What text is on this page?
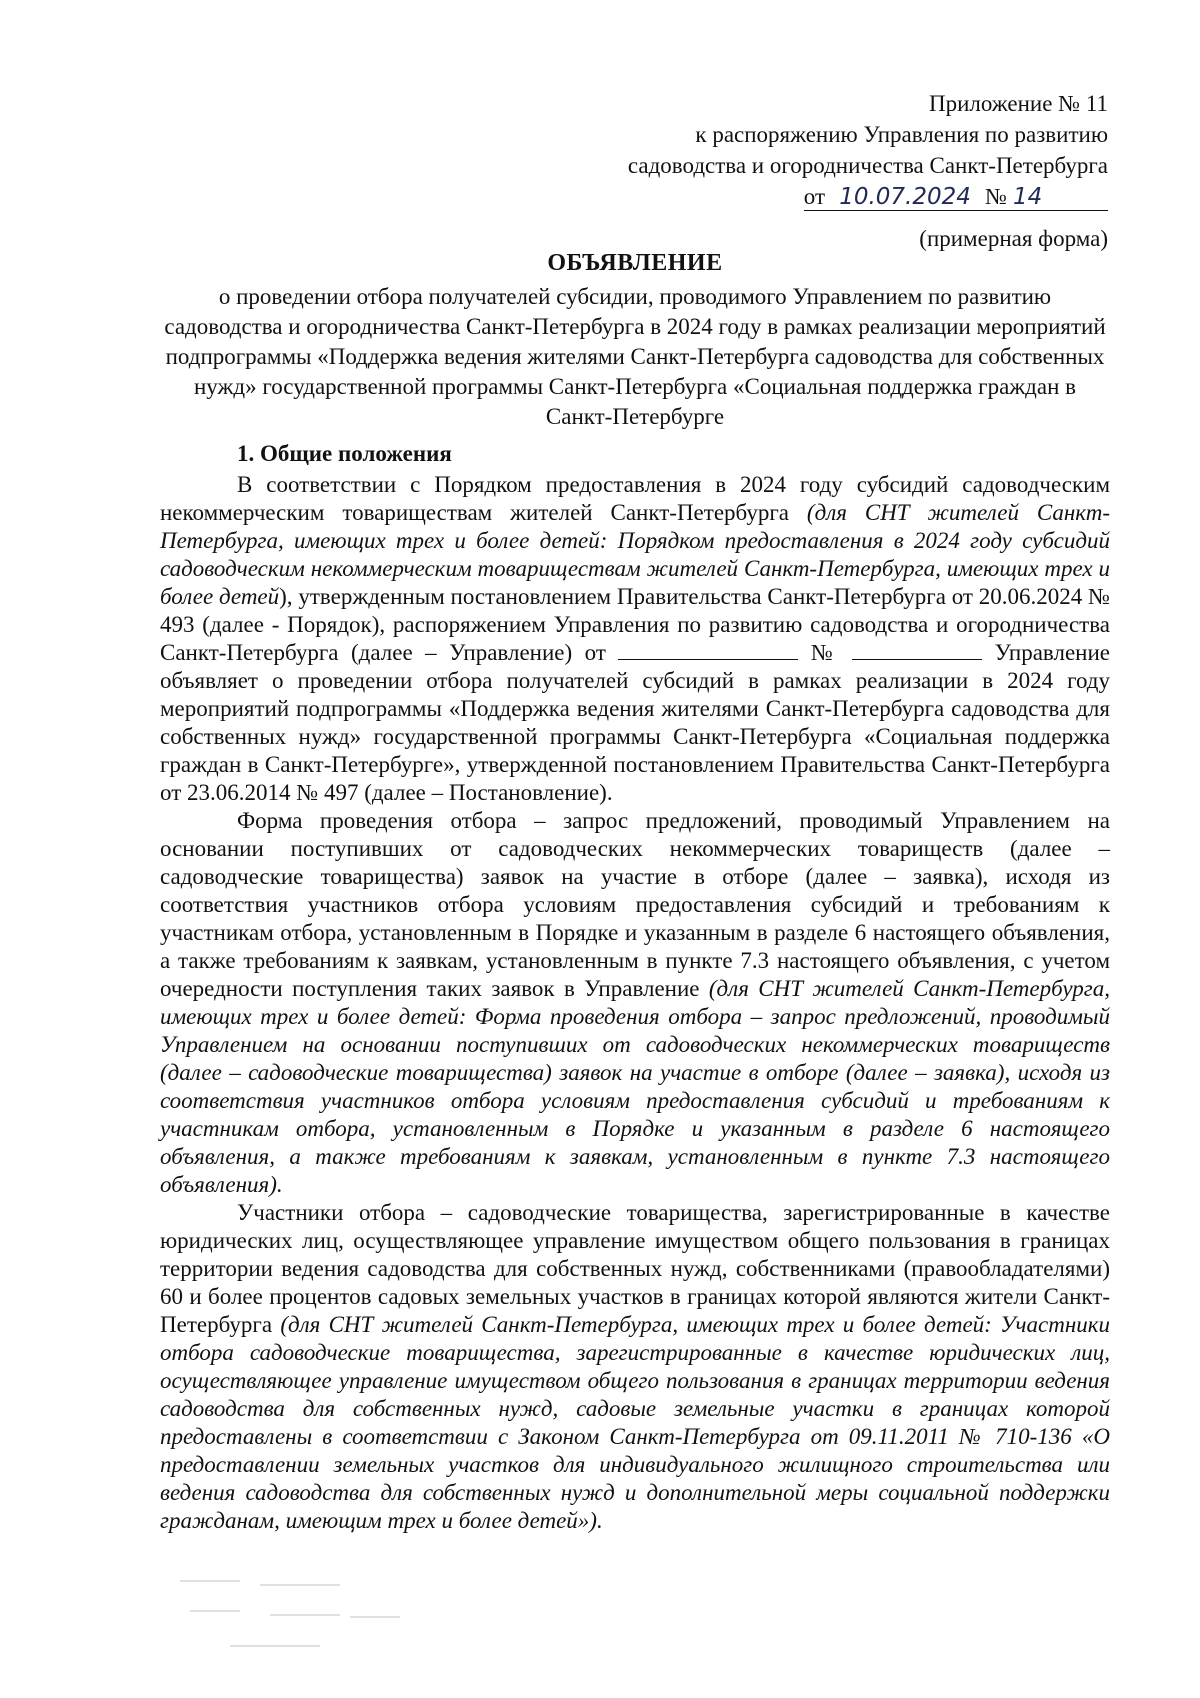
Приложение № 11
к распоряжению Управления по развитию
садоводства и огородничества Санкт-Петербурга
от 10.07.2024 № 14
(примерная форма)
ОБЪЯВЛЕНИЕ
о проведении отбора получателей субсидии, проводимого Управлением по развитию садоводства и огородничества Санкт-Петербурга в 2024 году в рамках реализации мероприятий подпрограммы «Поддержка ведения жителями Санкт-Петербурга садоводства для собственных нужд» государственной программы Санкт-Петербурга «Социальная поддержка граждан в Санкт-Петербурге
1. Общие положения

В соответствии с Порядком предоставления в 2024 году субсидий садоводческим некоммерческим товариществам жителей Санкт-Петербурга (для СНТ жителей Санкт-Петербурга, имеющих трех и более детей: Порядком предоставления в 2024 году субсидий садоводческим некоммерческим товариществам жителей Санкт-Петербурга, имеющих трех и более детей), утвержденным постановлением Правительства Санкт-Петербурга от 20.06.2024 № 493 (далее - Порядок), распоряжением Управления по развитию садоводства и огородничества Санкт-Петербурга (далее – Управление) от	№	Управление объявляет о проведении отбора получателей субсидий в рамках реализации в 2024 году мероприятий подпрограммы «Поддержка ведения жителями Санкт-Петербурга садоводства для собственных нужд» государственной программы Санкт-Петербурга «Социальная поддержка граждан в Санкт-Петербурге», утвержденной постановлением Правительства Санкт-Петербурга от 23.06.2014 № 497 (далее – Постановление).

Форма проведения отбора – запрос предложений, проводимый Управлением на основании поступивших от садоводческих некоммерческих товариществ (далее – садоводческие товарищества) заявок на участие в отборе (далее – заявка), исходя из соответствия участников отбора условиям предоставления субсидий и требованиям к участникам отбора, установленным в Порядке и указанным в разделе 6 настоящего объявления, а также требованиям к заявкам, установленным в пункте 7.3 настоящего объявления, с учетом очередности поступления таких заявок в Управление (для СНТ жителей Санкт-Петербурга, имеющих трех и более детей: Форма проведения отбора – запрос предложений, проводимый Управлением на основании поступивших от садоводческих некоммерческих товариществ (далее – садоводческие товарищества) заявок на участие в отборе (далее – заявка), исходя из соответствия участников отбора условиям предоставления субсидий и требованиям к участникам отбора, установленным в Порядке и указанным в разделе 6 настоящего объявления, а также требованиям к заявкам, установленным в пункте 7.3 настоящего объявления).

Участники отбора – садоводческие товарищества, зарегистрированные в качестве юридических лиц, осуществляющее управление имуществом общего пользования в границах территории ведения садоводства для собственных нужд, собственниками (правообладателями) 60 и более процентов садовых земельных участков в границах которой являются жители Санкт-Петербурга (для СНТ жителей Санкт-Петербурга, имеющих трех и более детей: Участники отбора садоводческие товарищества, зарегистрированные в качестве юридических лиц, осуществляющее управление имуществом общего пользования в границах территории ведения садоводства для собственных нужд, садовые земельные участки в границах которой предоставлены в соответствии с Законом Санкт-Петербурга от 09.11.2011 № 710-136 «О предоставлении земельных участков для индивидуального жилищного строительства или ведения садоводства для собственных нужд и дополнительной меры социальной поддержки гражданам, имеющим трех и более детей»).
